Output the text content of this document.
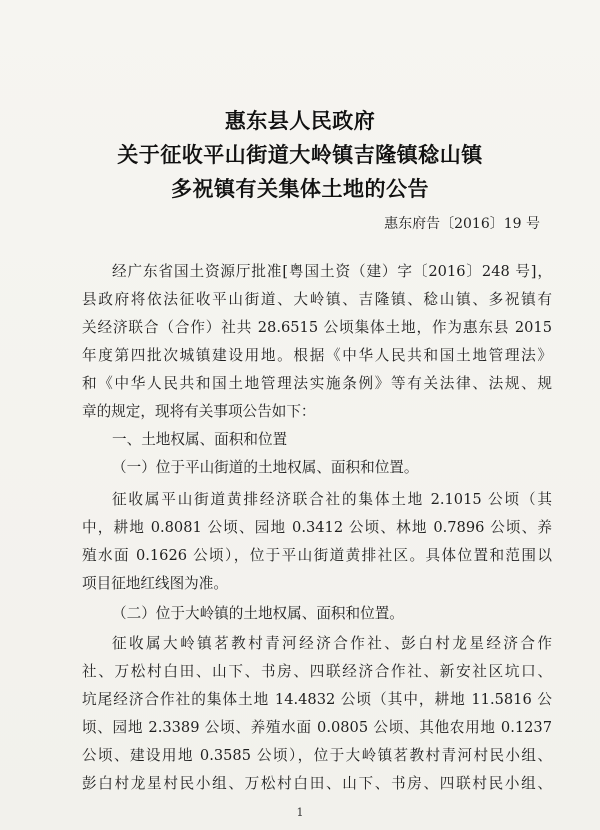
惠东县人民政府
关于征收平山街道大岭镇吉隆镇稔山镇
多祝镇有关集体土地的公告
惠东府告〔2016〕19 号
经广东省国土资源厅批准[粤国土资（建）字〔2016〕248 号]，
县政府将依法征收平山街道、大岭镇、吉隆镇、稔山镇、多祝镇有
关经济联合（合作）社共 28.6515 公顷集体土地，作为惠东县 2015
年度第四批次城镇建设用地。根据《中华人民共和国土地管理法》
和《中华人民共和国土地管理法实施条例》等有关法律、法规、规
章的规定，现将有关事项公告如下：
一、土地权属、面积和位置
（一）位于平山街道的土地权属、面积和位置。
征收属平山街道黄排经济联合社的集体土地 2.1015 公顷（其
中，耕地 0.8081 公顷、园地 0.3412 公顷、林地 0.7896 公顷、养
殖水面 0.1626 公顷），位于平山街道黄排社区。具体位置和范围以
项目征地红线图为准。
（二）位于大岭镇的土地权属、面积和位置。
征收属大岭镇茗教村青河经济合作社、彭白村龙星经济合作
社、万松村白田、山下、书房、四联经济合作社、新安社区坑口、
坑尾经济合作社的集体土地 14.4832 公顷（其中，耕地 11.5816 公
顷、园地 2.3389 公顷、养殖水面 0.0805 公顷、其他农用地 0.1237
公顷、建设用地 0.3585 公顷），位于大岭镇茗教村青河村民小组、
彭白村龙星村民小组、万松村白田、山下、书房、四联村民小组、
1
